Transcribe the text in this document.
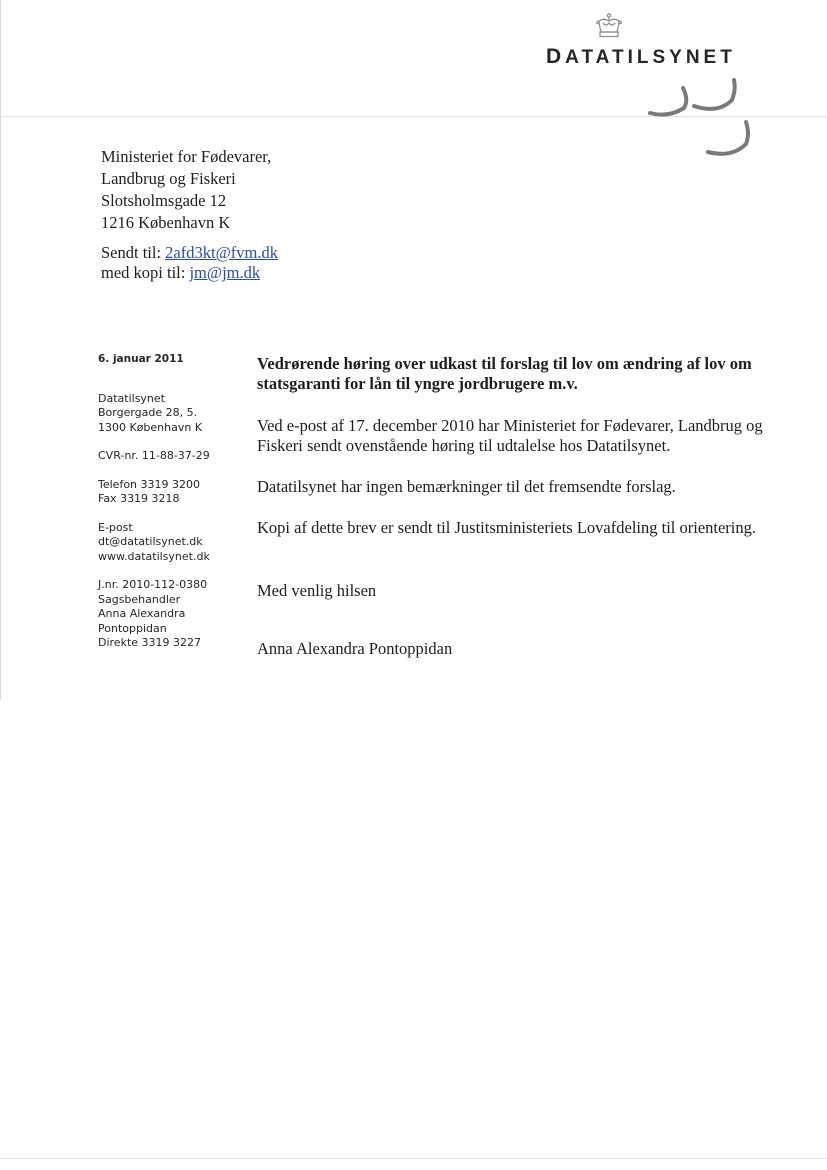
DATATILSYNET
Ministeriet for Fødevarer,
Landbrug og Fiskeri
Slotsholmsgade 12
1216 København K
Sendt til: 2afd3kt@fvm.dk
med kopi til: jm@jm.dk
6. januar 2011
Datatilsynet
Borgergade 28, 5.
1300 København K
CVR-nr. 11-88-37-29
Telefon 3319 3200
Fax 3319 3218
E-post
dt@datatilsynet.dk
www.datatilsynet.dk
J.nr. 2010-112-0380
Sagsbehandler
Anna Alexandra
Pontoppidan
Direkte 3319 3227

Vedrørende høring over udkast til forslag til lov om ændring af lov om statsgaranti for lån til yngre jordbrugere m.v.

Ved e-post af 17. december 2010 har Ministeriet for Fødevarer, Landbrug og Fiskeri sendt ovenstående høring til udtalelse hos Datatilsynet.

Datatilsynet har ingen bemærkninger til det fremsendte forslag.

Kopi af dette brev er sendt til Justitsministeriets Lovafdeling til orientering.

Med venlig hilsen

Anna Alexandra Pontoppidan
